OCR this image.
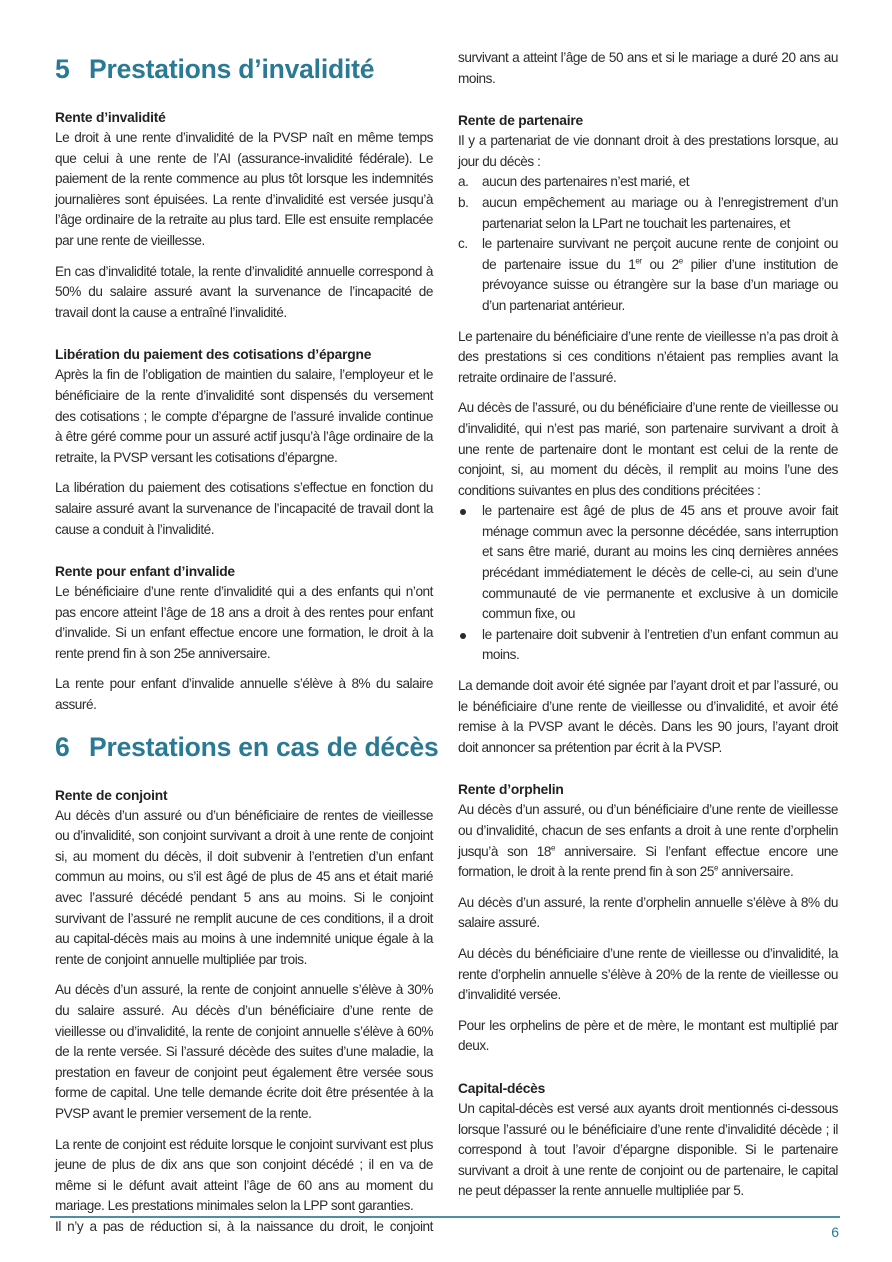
5 Prestations d’invalidité
Rente d’invalidité

Le droit à une rente d’invalidité de la PVSP naît en même temps que celui à une rente de l’AI (assurance-invalidité fédérale). Le paiement de la rente commence au plus tôt lorsque les indemnités journalières sont épuisées. La rente d’invalidité est versée jusqu’à l’âge ordinaire de la retraite au plus tard. Elle est ensuite remplacée par une rente de vieillesse.

En cas d’invalidité totale, la rente d’invalidité annuelle correspond à 50% du salaire assuré avant la survenance de l’incapacité de travail dont la cause a entraîné l’invalidité.

Libération du paiement des cotisations d’épargne

Après la fin de l’obligation de maintien du salaire, l’employeur et le bénéficiaire de la rente d’invalidité sont dispensés du versement des cotisations ; le compte d’épargne de l’assuré invalide continue à être géré comme pour un assuré actif jusqu’à l’âge ordinaire de la retraite, la PVSP versant les cotisations d’épargne.

La libération du paiement des cotisations s’effectue en fonction du salaire assuré avant la survenance de l’incapacité de travail dont la cause a conduit à l’invalidité.

Rente pour enfant d’invalide

Le bénéficiaire d’une rente d’invalidité qui a des enfants qui n’ont pas encore atteint l’âge de 18 ans a droit à des rentes pour enfant d’invalide. Si un enfant effectue encore une formation, le droit à la rente prend fin à son 25e anniversaire.

La rente pour enfant d’invalide annuelle s’élève à 8% du salaire assuré.

6 Prestations en cas de décès
Rente de conjoint

Au décès d’un assuré ou d’un bénéficiaire de rentes de vieillesse ou d’invalidité, son conjoint survivant a droit à une rente de conjoint si, au moment du décès, il doit subvenir à l’entretien d’un enfant commun au moins, ou s’il est âgé de plus de 45 ans et était marié avec l’assuré décédé pendant 5 ans au moins. Si le conjoint survivant de l’assuré ne remplit aucune de ces conditions, il a droit au capital-décès mais au moins à une indemnité unique égale à la rente de conjoint annuelle multipliée par trois.

Au décès d’un assuré, la rente de conjoint annuelle s’élève à 30% du salaire assuré. Au décès d’un bénéficiaire d’une rente de vieillesse ou d’invalidité, la rente de conjoint annuelle s’élève à 60% de la rente versée. Si l’assuré décède des suites d’une maladie, la prestation en faveur de conjoint peut également être versée sous forme de capital. Une telle demande écrite doit être présentée à la PVSP avant le premier versement de la rente.

La rente de conjoint est réduite lorsque le conjoint survivant est plus jeune de plus de dix ans que son conjoint décédé ; il en va de même si le défunt avait atteint l’âge de 60 ans au moment du mariage. Les prestations minimales selon la LPP sont garanties.

Il n’y a pas de réduction si, à la naissance du droit, le conjoint

survivant a atteint l’âge de 50 ans et si le mariage a duré 20 ans au moins.

Rente de partenaire

Il y a partenariat de vie donnant droit à des prestations lorsque, au jour du décès :

a. aucun des partenaires n’est marié, et
b. aucun empêchement au mariage ou à l’enregistrement d’un partenariat selon la LPart ne touchait les partenaires, et
c.	le partenaire survivant ne perçoit aucune rente de conjoint ou de partenaire issue du 1er ou 2e pilier d’une institution de prévoyance suisse ou étrangère sur la base d’un mariage ou d’un partenariat antérieur.

Le partenaire du bénéficiaire d’une rente de vieillesse n’a pas droit à des prestations si ces conditions n’étaient pas remplies avant la retraite ordinaire de l’assuré.

Au décès de l’assuré, ou du bénéficiaire d’une rente de vieillesse ou d’invalidité, qui n’est pas marié, son partenaire survivant a droit à une rente de partenaire dont le montant est celui de la rente de conjoint, si, au moment du décès, il remplit au moins l’une des conditions suivantes en plus des conditions précitées :

le partenaire est âgé de plus de 45 ans et prouve avoir fait ménage commun avec la personne décédée, sans interruption et sans être marié, durant au moins les cinq dernières années précédant immédiatement le décès de celle-ci, au sein d’une communauté de vie permanente et exclusive à un domicile commun fixe, ou
le partenaire doit subvenir à l’entretien d’un enfant commun au moins.

La demande doit avoir été signée par l’ayant droit et par l’assuré, ou le bénéficiaire d’une rente de vieillesse ou d’invalidité, et avoir été remise à la PVSP avant le décès. Dans les 90 jours, l’ayant droit doit annoncer sa prétention par écrit à la PVSP.

Rente d’orphelin

Au décès d’un assuré, ou d’un bénéficiaire d’une rente de vieillesse ou d’invalidité, chacun de ses enfants a droit à une rente d’orphelin jusqu’à son 18e anniversaire. Si l’enfant effectue encore une formation, le droit à la rente prend fin à son 25e anniversaire.

Au décès d’un assuré, la rente d’orphelin annuelle s’élève à 8% du salaire assuré.

Au décès du bénéficiaire d’une rente de vieillesse ou d’invalidité, la rente d’orphelin annuelle s’élève à 20% de la rente de vieillesse ou d’invalidité versée.

Pour les orphelins de père et de mère, le montant est multiplié par deux.

Capital-décès

Un capital-décès est versé aux ayants droit mentionnés ci-dessous lorsque l’assuré ou le bénéficiaire d’une rente d’invalidité décède ; il correspond à tout l’avoir d’épargne disponible. Si le partenaire survivant a droit à une rente de conjoint ou de partenaire, le capital ne peut dépasser la rente annuelle multipliée par 5.

6
